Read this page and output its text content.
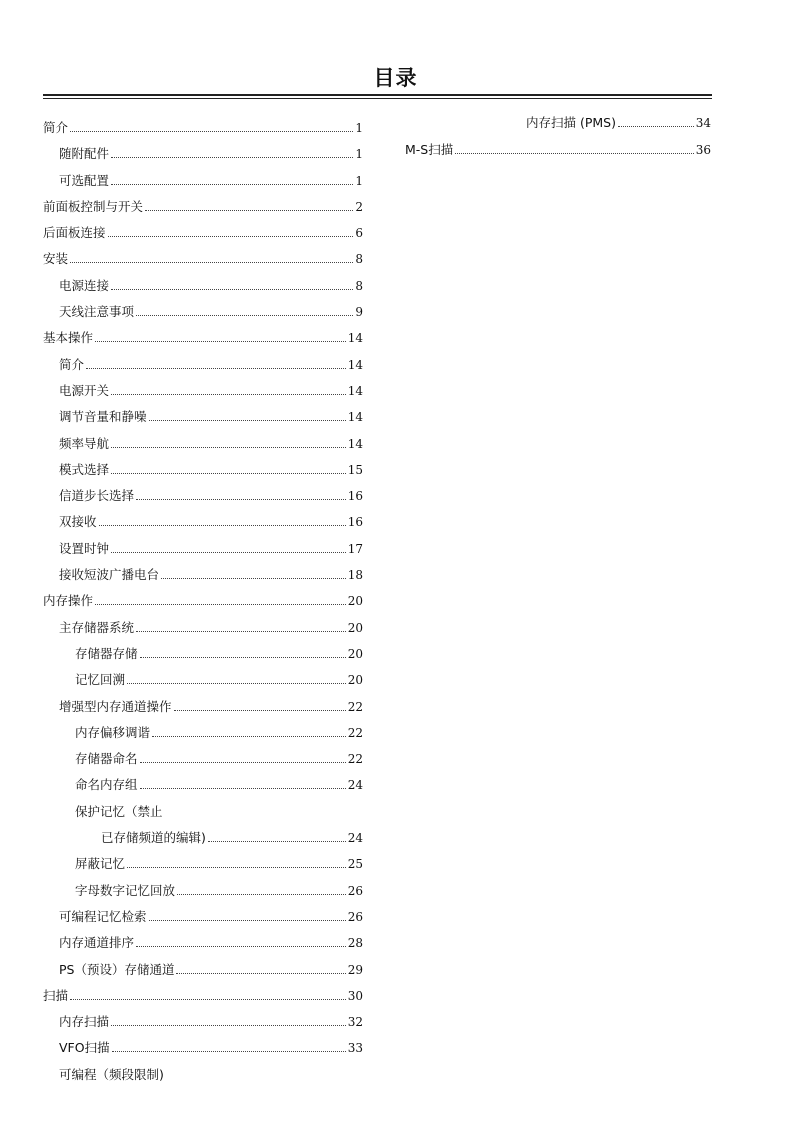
目录
简介	1
随附配件	1
可选配置	1
前面板控制与开关	2
后面板连接	6
安装	8
电源连接	8
天线注意事项	9
基本操作	14
简介	14
电源开关	14
调节音量和静噪	14
频率导航	14
模式选择	15
信道步长选择	16
双接收	16
设置时钟	17
接收短波广播电台	18
内存操作	20
主存储器系统	20
存储器存储	20
记忆回溯	20
增强型内存通道操作	22
内存偏移调谐	22
存储器命名	22
命名内存组	24
保护记忆（禁止
已存储频道的编辑)	24
屏蔽记忆	25
字母数字记忆回放	26
可编程记忆检索	26
内存通道排序	28
PS（预设）存储通道	29
扫描	30
内存扫描	32
VFO扫描	33
可编程（频段限制)
内存扫描 (PMS)	34
M-S扫描	36
